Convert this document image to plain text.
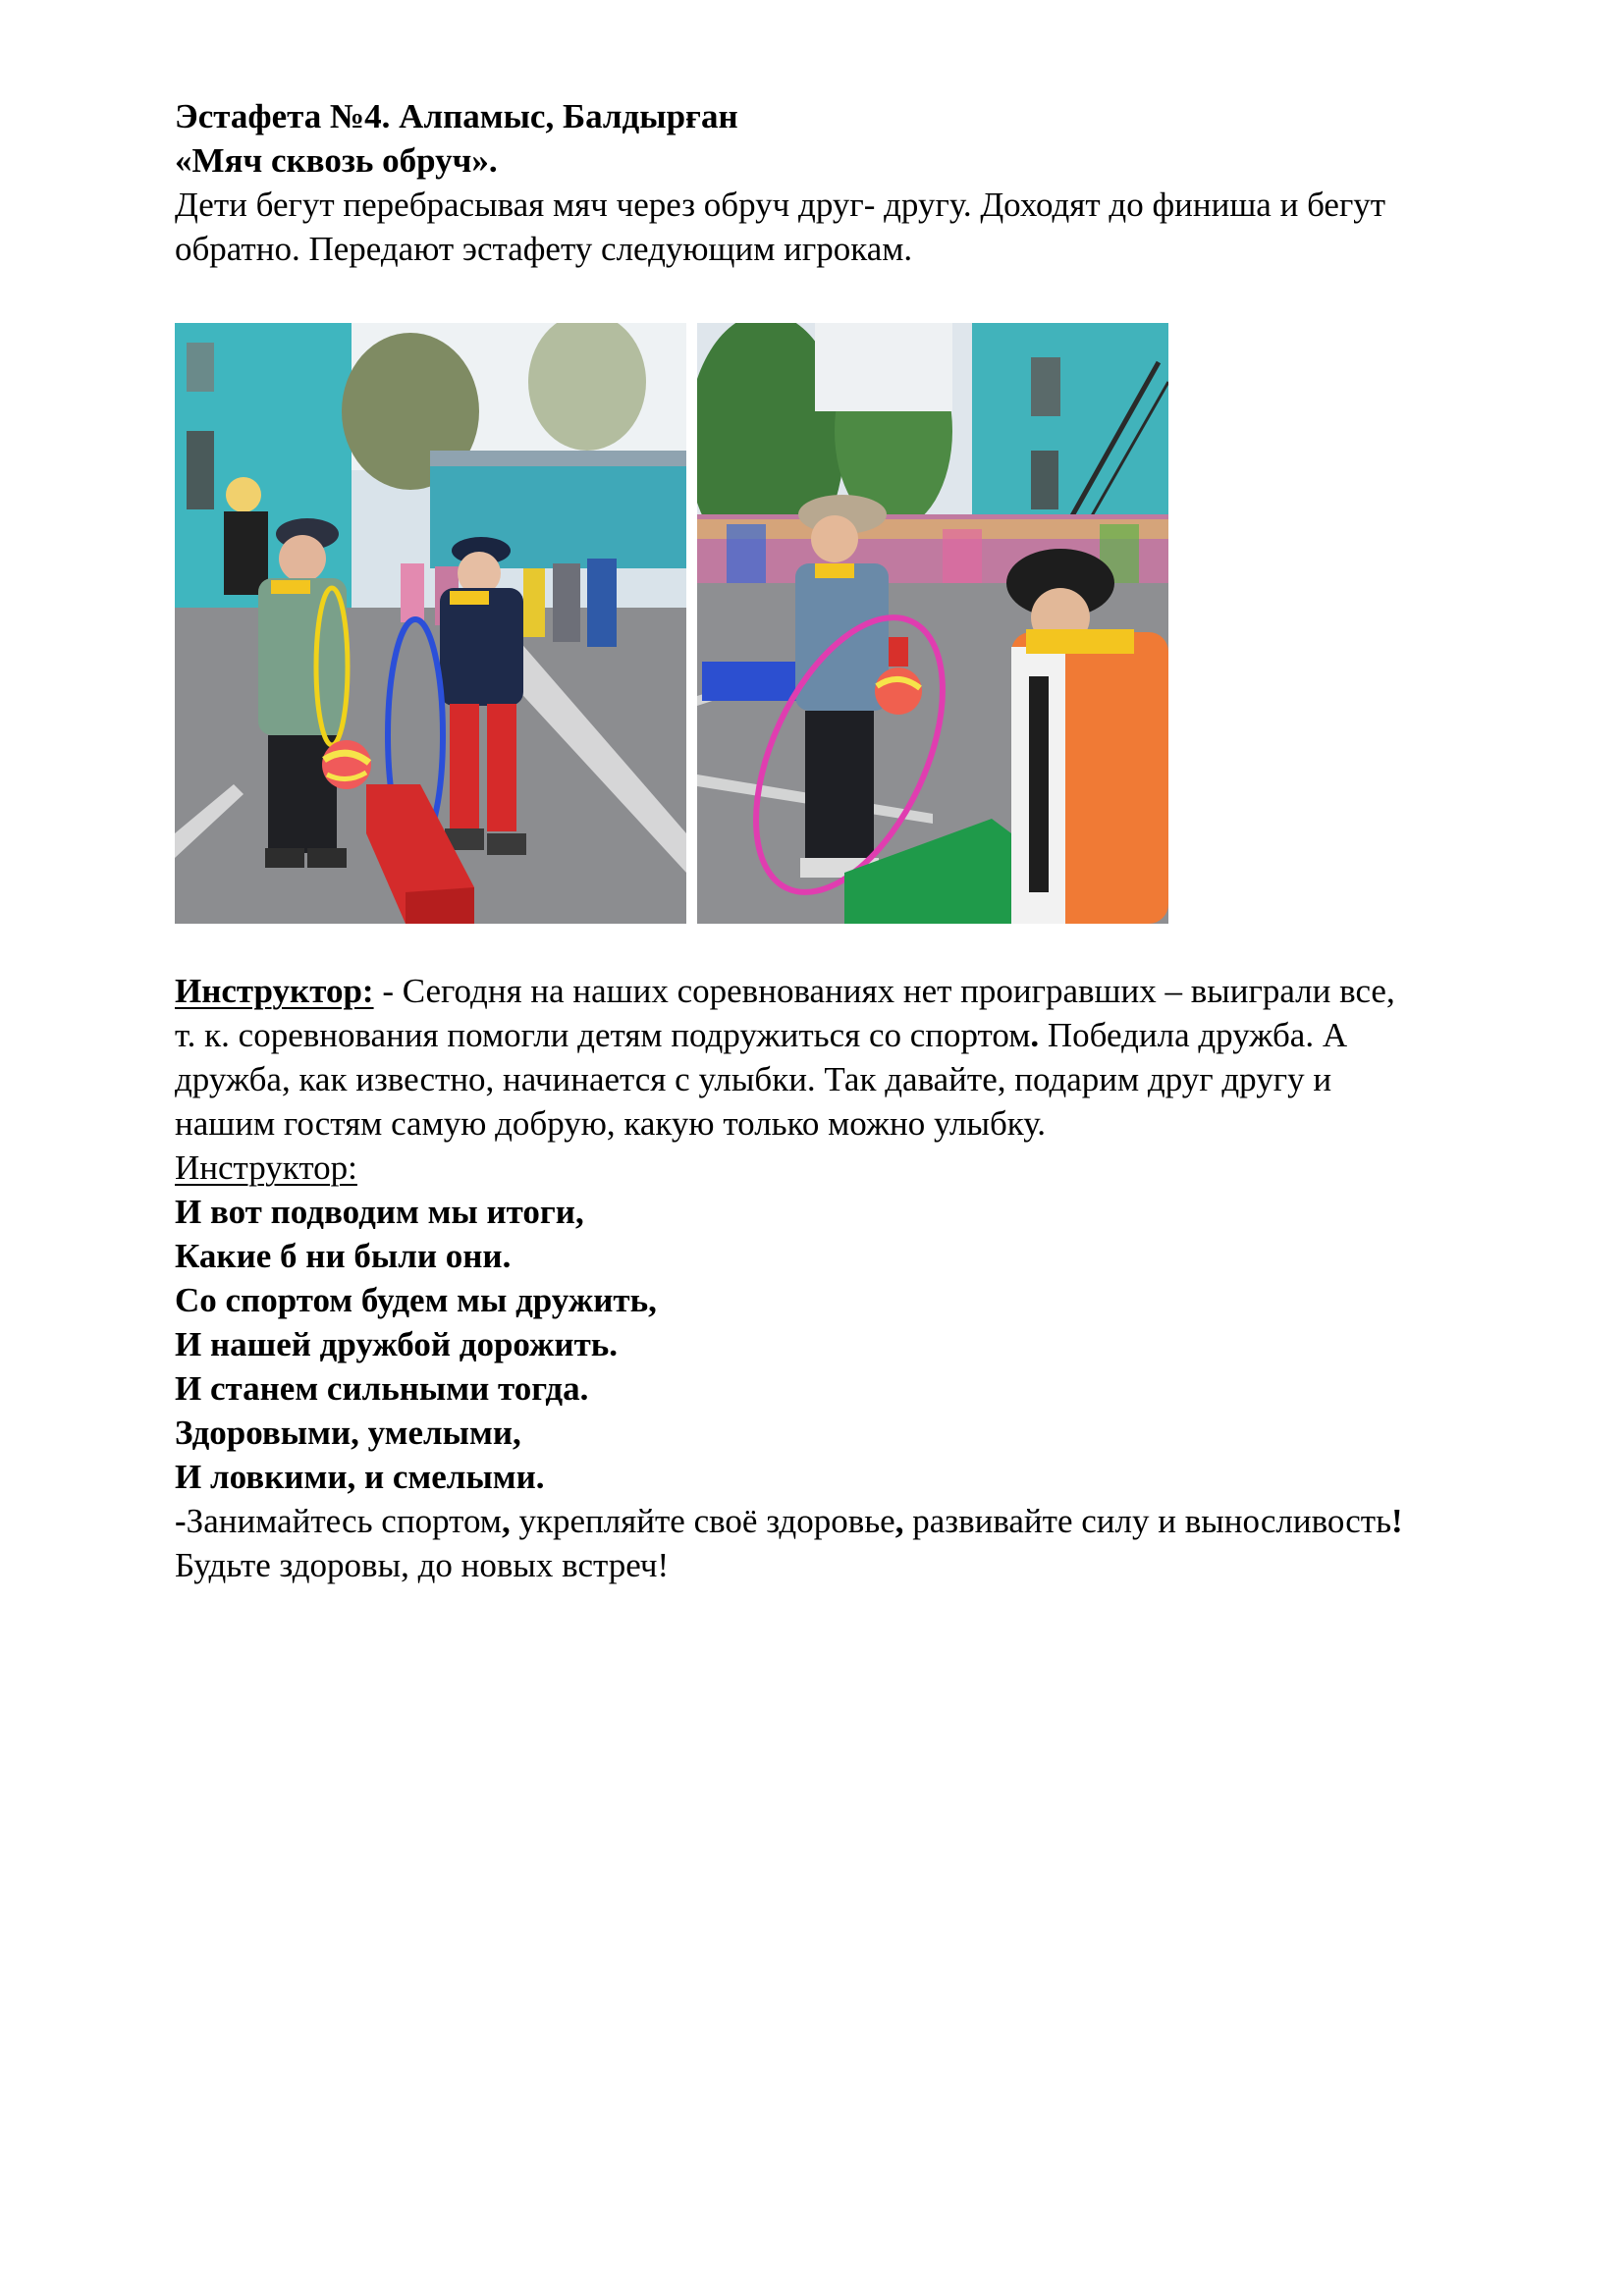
Эстафета №4. Алпамыс, Балдырған
«Мяч сквозь обруч».
Дети бегут перебрасывая мяч через обруч друг- другу. Доходят до финиша и бегут
обратно. Передают эстафету следующим игрокам.
Инструктор: - Сегодня на наших соревнованиях нет проигравших – выиграли все,
т. к. соревнования помогли детям подружиться со спортом. Победила дружба. А
дружба, как известно, начинается с улыбки. Так давайте, подарим друг другу и
нашим гостям самую добрую, какую только можно улыбку.
Инструктор:
И вот подводим мы итоги,
Какие б ни были они.
Со спортом будем мы дружить,
И нашей дружбой дорожить.
И станем сильными тогда.
Здоровыми, умелыми,
И ловкими, и смелыми.
-Занимайтесь спортом, укрепляйте своё здоровье, развивайте силу и выносливость!
Будьте здоровы, до новых встреч!
